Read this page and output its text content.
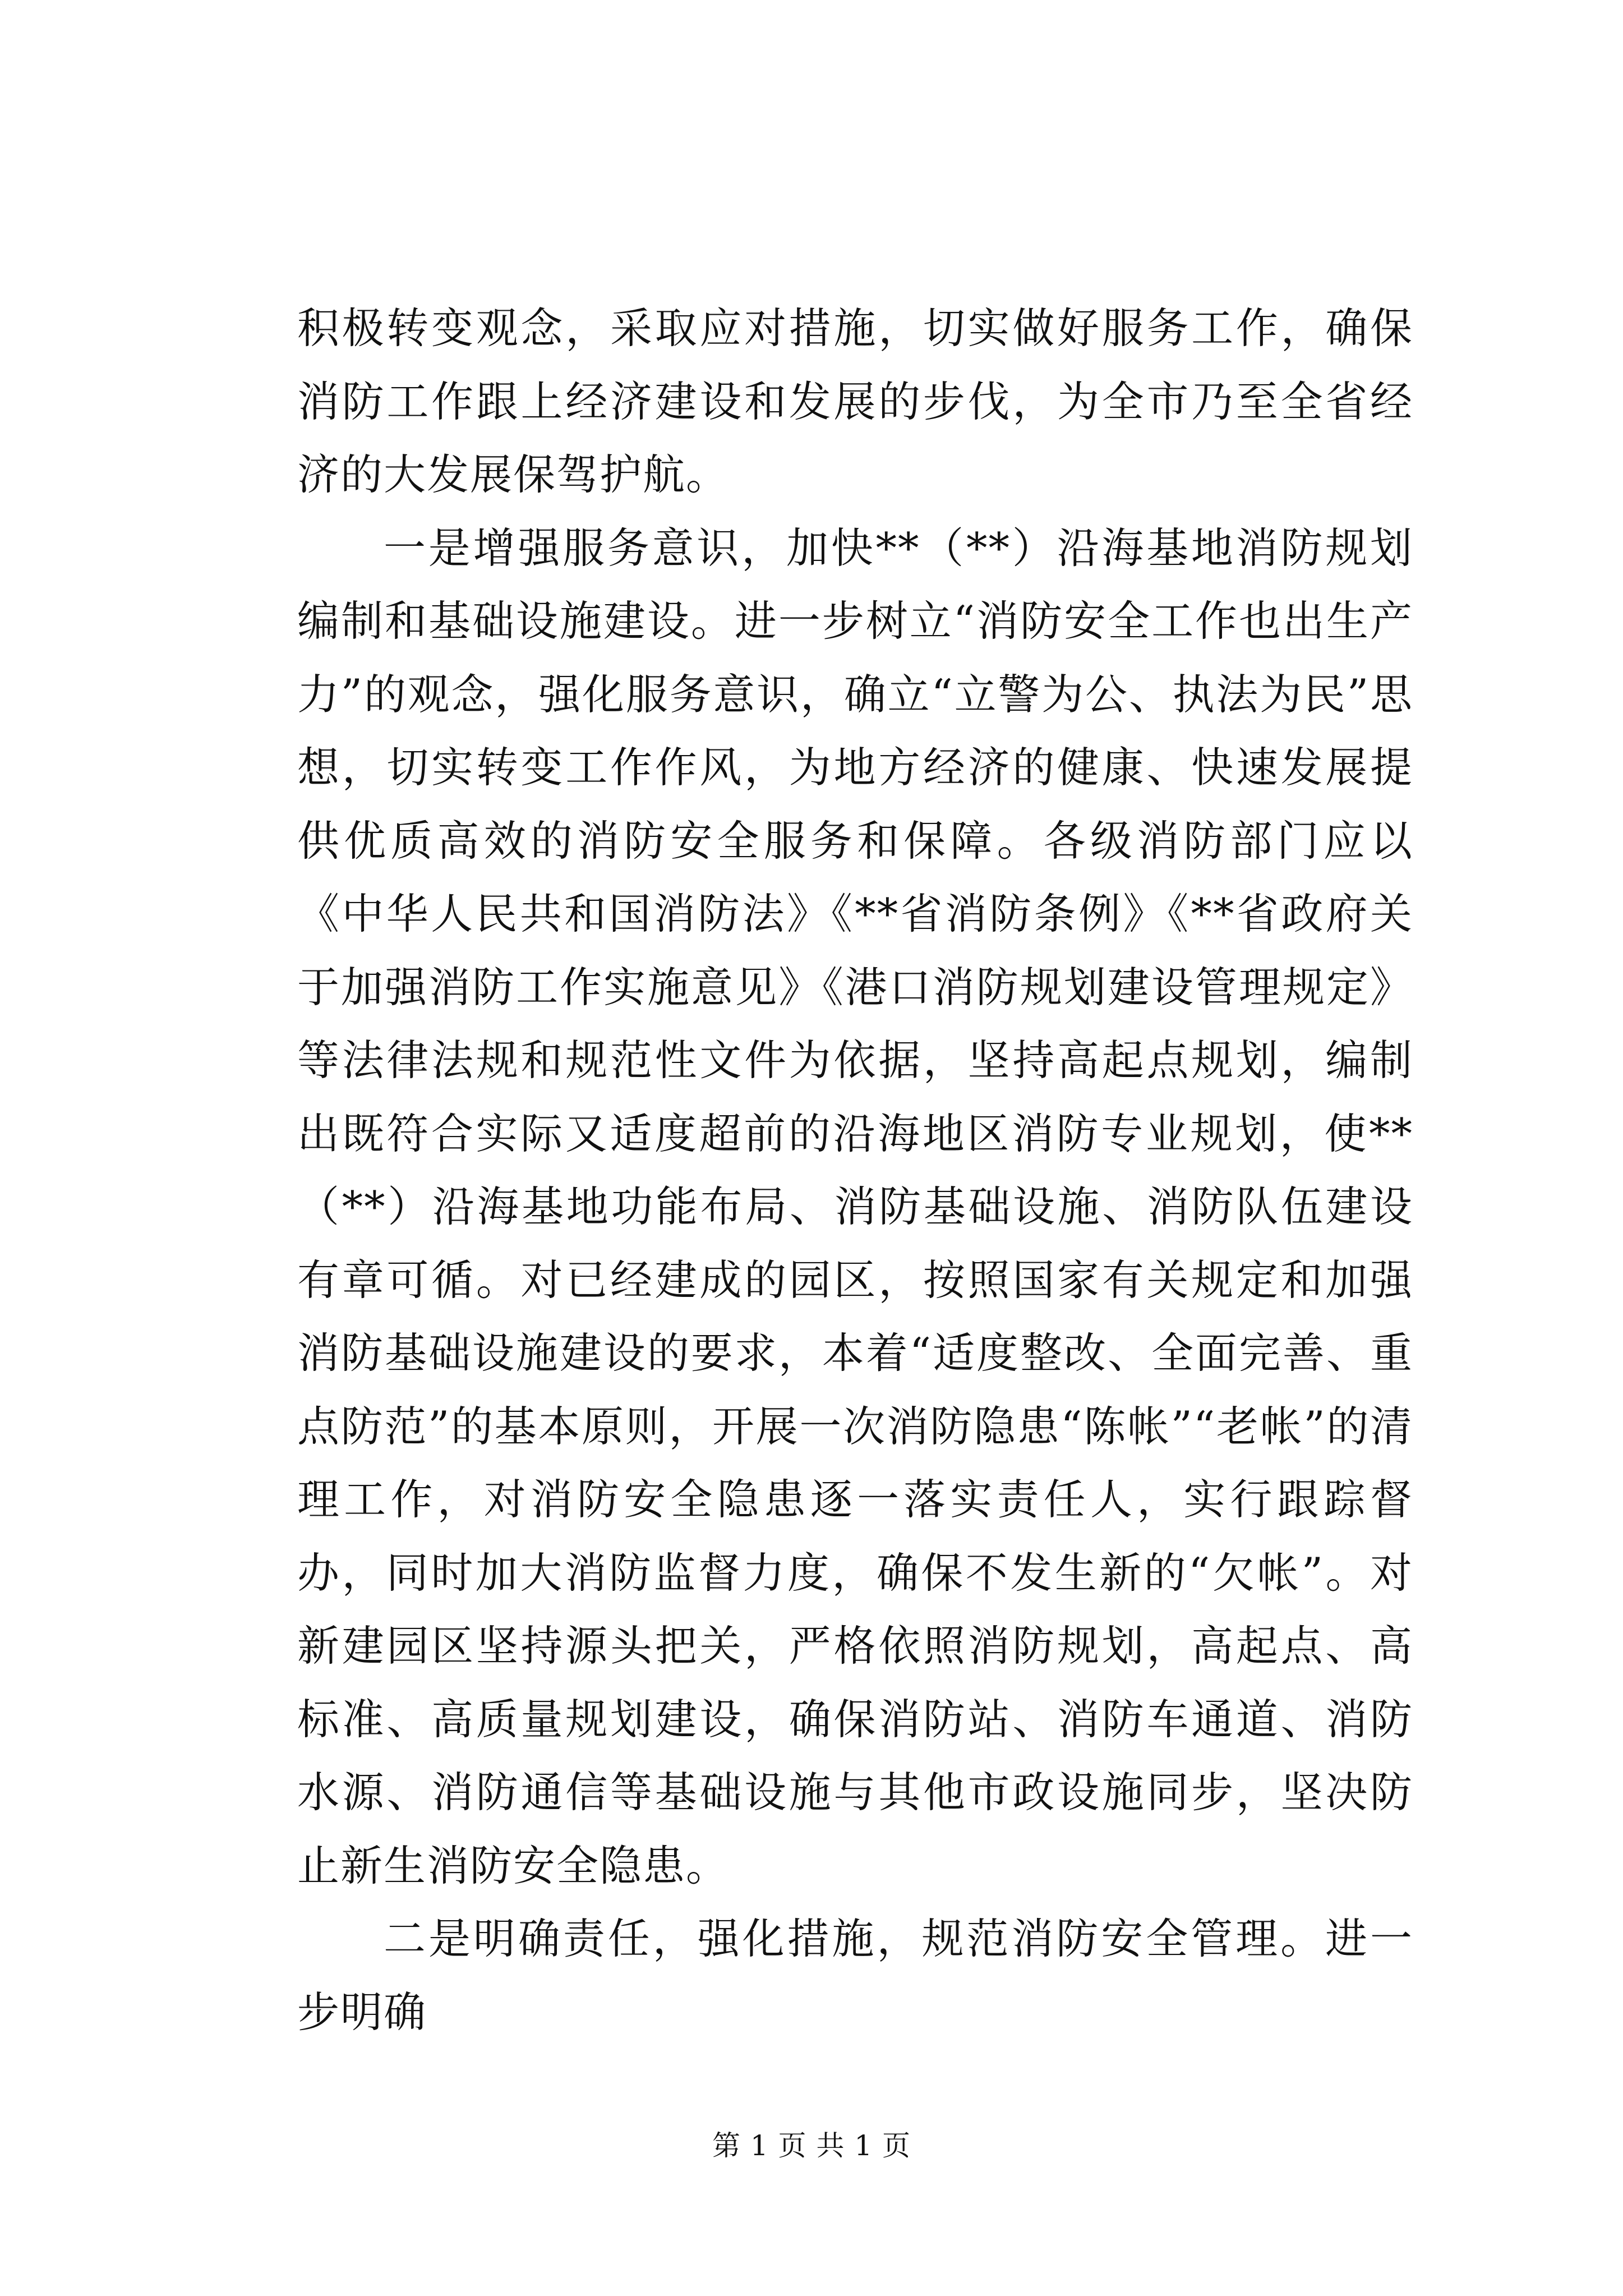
积极转变观念，采取应对措施，切实做好服务工作，确保消防工作跟上经济建设和发展的步伐，为全市乃至全省经济的大发展保驾护航。

一是增强服务意识，加快**（**）沿海基地消防规划编制和基础设施建设。进一步树立“消防安全工作也出生产力”的观念，强化服务意识，确立“立警为公、执法为民”思想，切实转变工作作风，为地方经济的健康、快速发展提供优质高效的消防安全服务和保障。各级消防部门应以《中华人民共和国消防法》《**省消防条例》《**省政府关于加强消防工作实施意见》《港口消防规划建设管理规定》等法律法规和规范性文件为依据，坚持高起点规划，编制出既符合实际又适度超前的沿海地区消防专业规划，使**（**）沿海基地功能布局、消防基础设施、消防队伍建设有章可循。对已经建成的园区，按照国家有关规定和加强消防基础设施建设的要求，本着“适度整改、全面完善、重点防范”的基本原则，开展一次消防隐患“陈帐”“老帐”的清理工作，对消防安全隐患逐一落实责任人，实行跟踪督办，同时加大消防监督力度，确保不发生新的“欠帐”。对新建园区坚持源头把关，严格依照消防规划，高起点、高标准、高质量规划建设，确保消防站、消防车通道、消防水源、消防通信等基础设施与其他市政设施同步，坚决防止新生消防安全隐患。

二是明确责任，强化措施，规范消防安全管理。进一步明确

第 1 页 共 1 页
